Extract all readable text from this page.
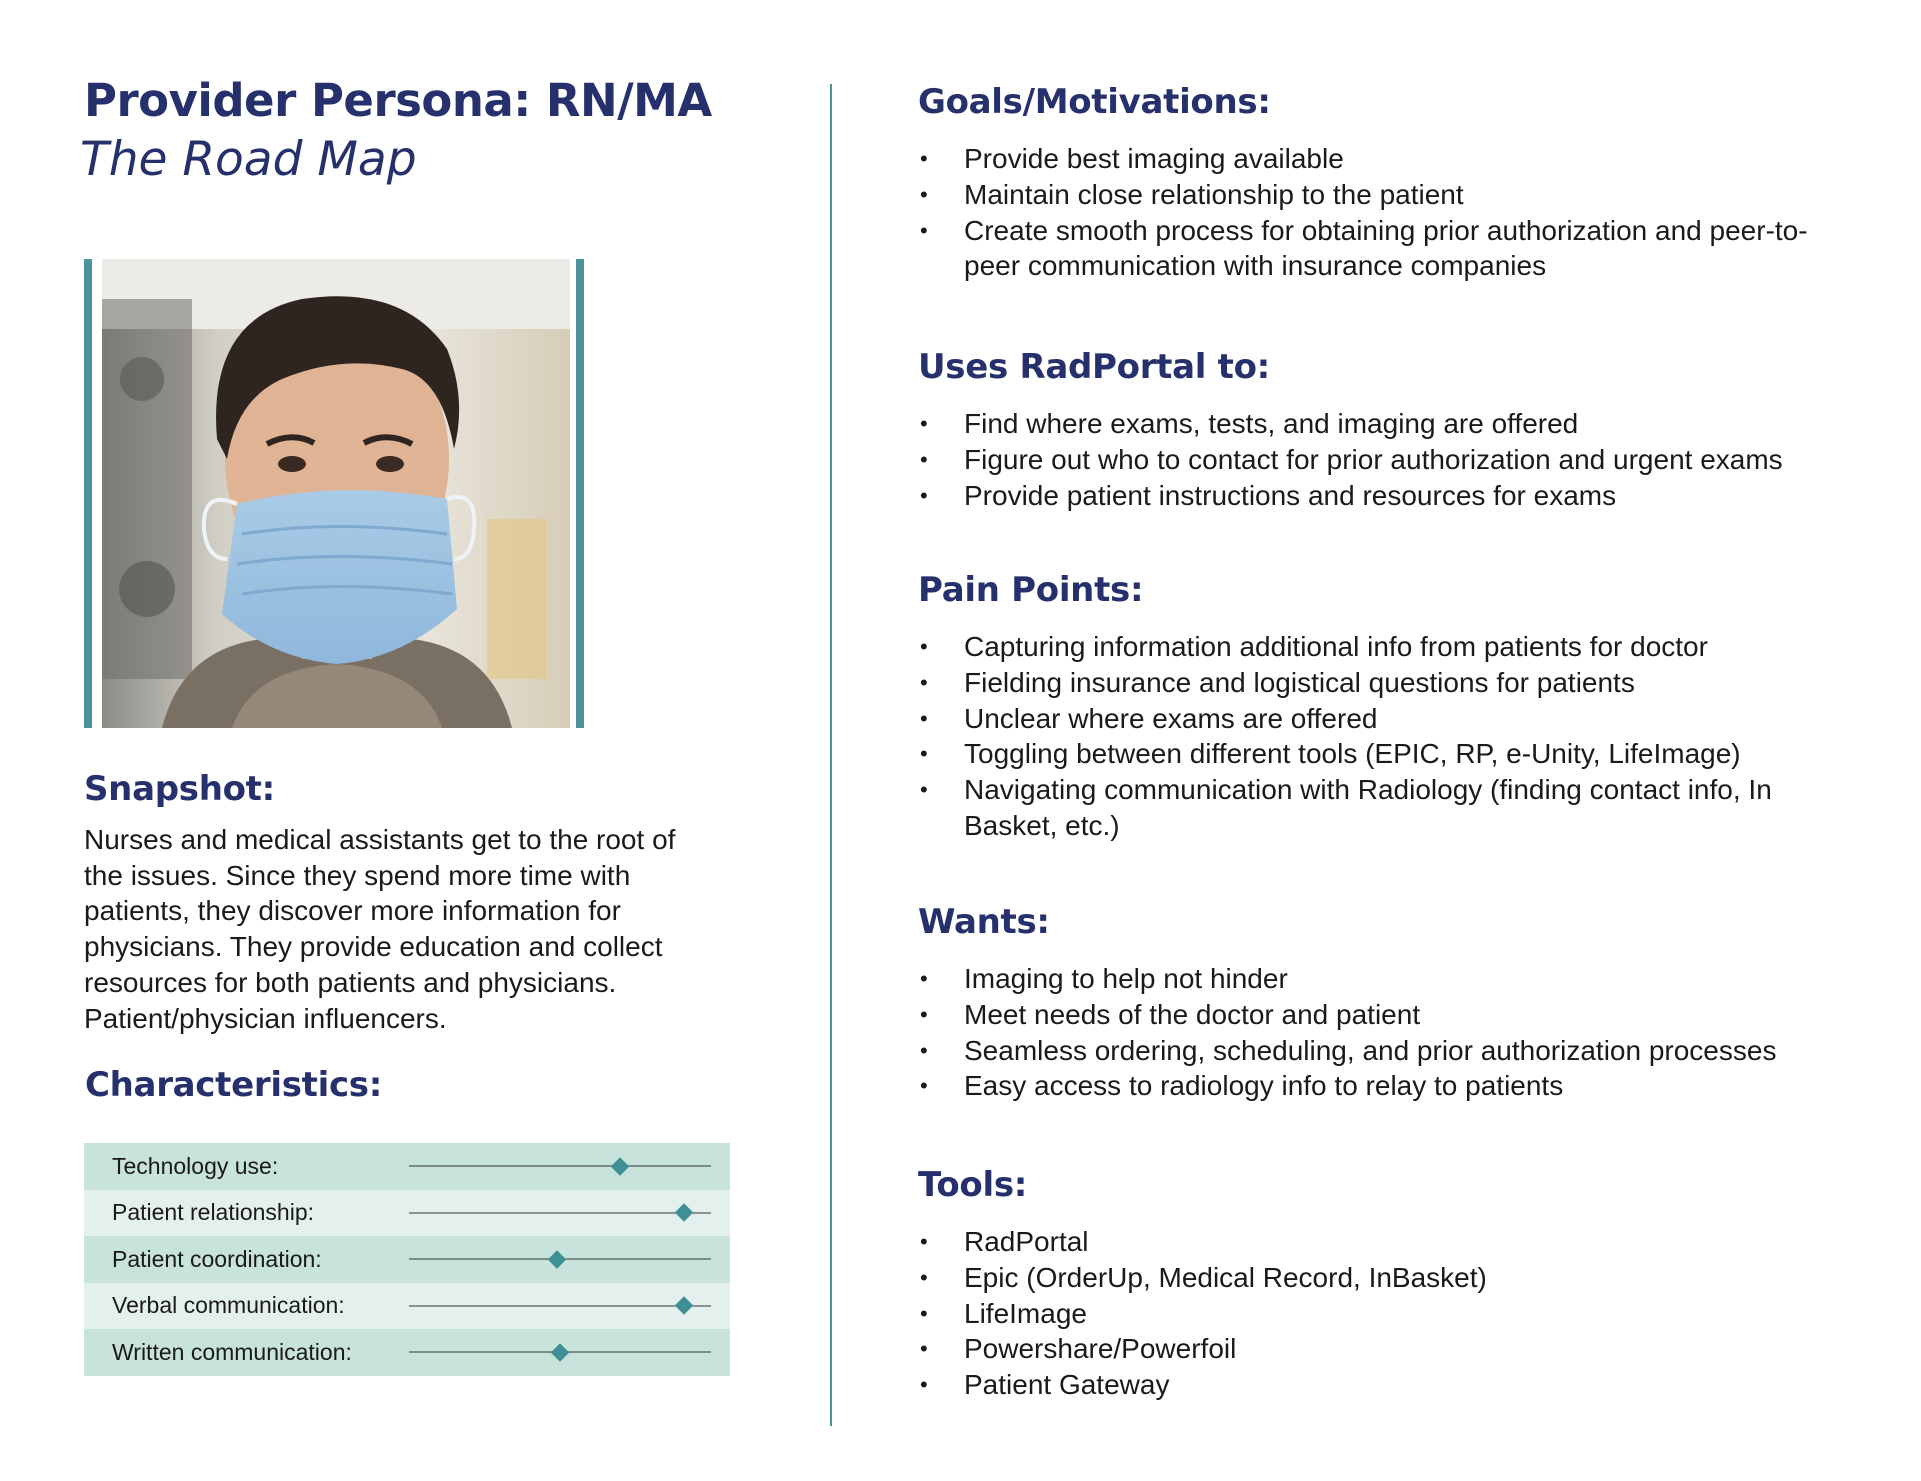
Provider Persona: RN/MA
The Road Map
Snapshot:
Nurses and medical assistants get to the root of the issues. Since they spend more time with patients, they discover more information for physicians. They provide education and collect resources for both patients and physicians. Patient/physician influencers.
Characteristics:
Technology use:
Patient relationship:
Patient coordination:
Verbal communication:
Written communication:
Goals/Motivations:
• Provide best imaging available
• Maintain close relationship to the patient
• Create smooth process for obtaining prior authorization and peer-to-peer communication with insurance companies
Uses RadPortal to:
• Find where exams, tests, and imaging are offered
• Figure out who to contact for prior authorization and urgent exams
• Provide patient instructions and resources for exams
Pain Points:
• Capturing information additional info from patients for doctor
• Fielding insurance and logistical questions for patients
• Unclear where exams are offered
• Toggling between different tools (EPIC, RP, e-Unity, LifeImage)
• Navigating communication with Radiology (finding contact info, In Basket, etc.)
Wants:
• Imaging to help not hinder
• Meet needs of the doctor and patient
• Seamless ordering, scheduling, and prior authorization processes
• Easy access to radiology info to relay to patients
Tools:
• RadPortal
• Epic (OrderUp, Medical Record, InBasket)
• LifeImage
• Powershare/Powerfoil
• Patient Gateway
